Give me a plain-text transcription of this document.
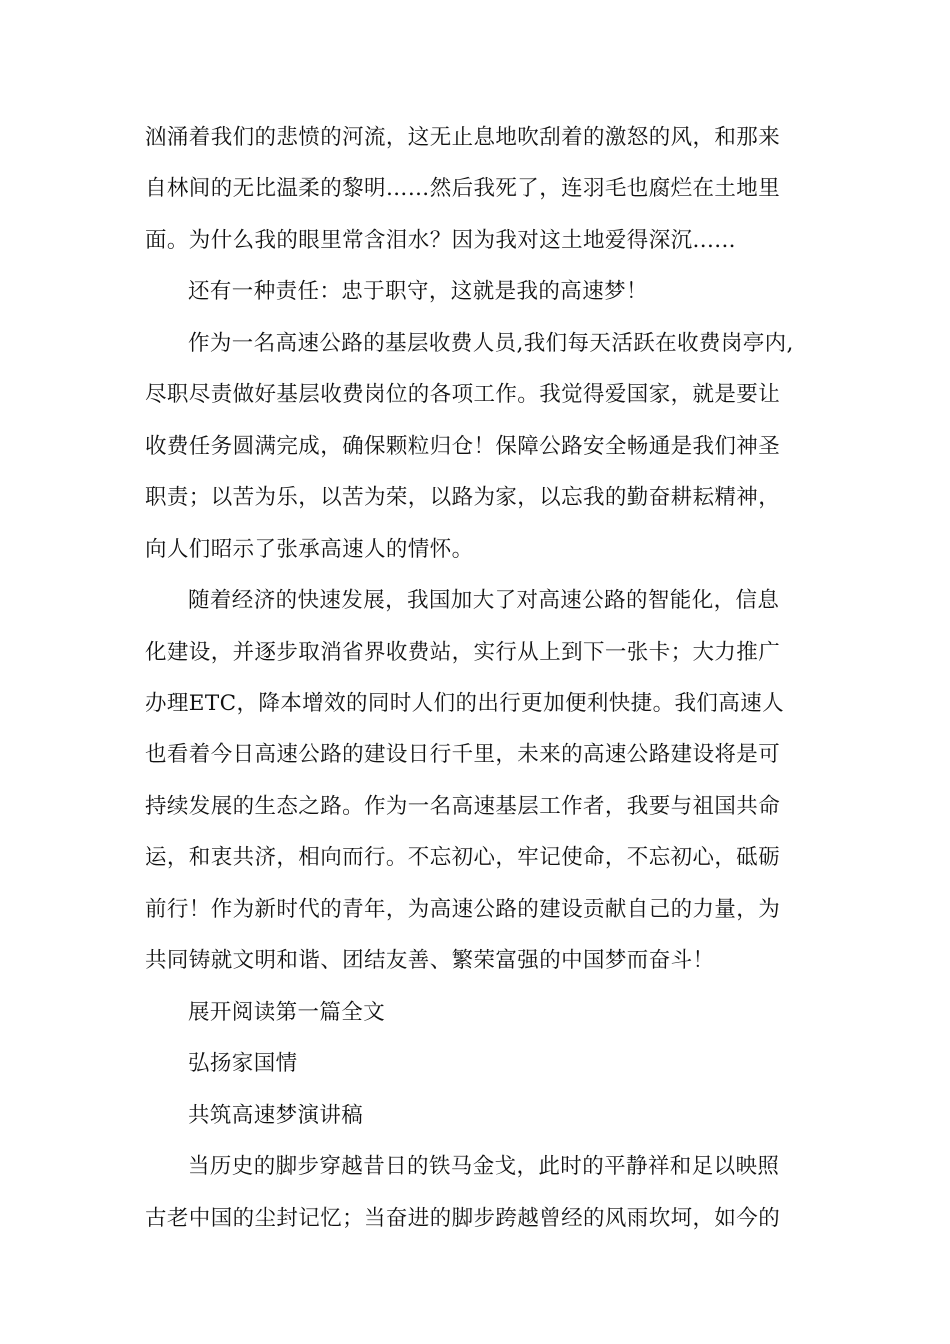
汹涌着我们的悲愤的河流，这无止息地吹刮着的激怒的风，和那来
自林间的无比温柔的黎明……然后我死了，连羽毛也腐烂在土地里
面。为什么我的眼里常含泪水？因为我对这土地爱得深沉......
还有一种责任：忠于职守，这就是我的高速梦！
作为一名高速公路的基层收费人员,我们每天活跃在收费岗亭内,
尽职尽责做好基层收费岗位的各项工作。我觉得爱国家，就是要让
收费任务圆满完成，确保颗粒归仓！保障公路安全畅通是我们神圣
职责；以苦为乐，以苦为荣，以路为家，以忘我的勤奋耕耘精神，
向人们昭示了张承高速人的情怀。
随着经济的快速发展，我国加大了对高速公路的智能化，信息
化建设，并逐步取消省界收费站，实行从上到下一张卡；大力推广
办理ETC，降本增效的同时人们的出行更加便利快捷。我们高速人
也看着今日高速公路的建设日行千里，未来的高速公路建设将是可
持续发展的生态之路。作为一名高速基层工作者，我要与祖国共命
运，和衷共济，相向而行。不忘初心，牢记使命，不忘初心，砥砺
前行！作为新时代的青年，为高速公路的建设贡献自己的力量，为
共同铸就文明和谐、团结友善、繁荣富强的中国梦而奋斗！
展开阅读第一篇全文
弘扬家国情
共筑高速梦演讲稿
当历史的脚步穿越昔日的铁马金戈，此时的平静祥和足以映照
古老中国的尘封记忆；当奋进的脚步跨越曾经的风雨坎坷，如今的
